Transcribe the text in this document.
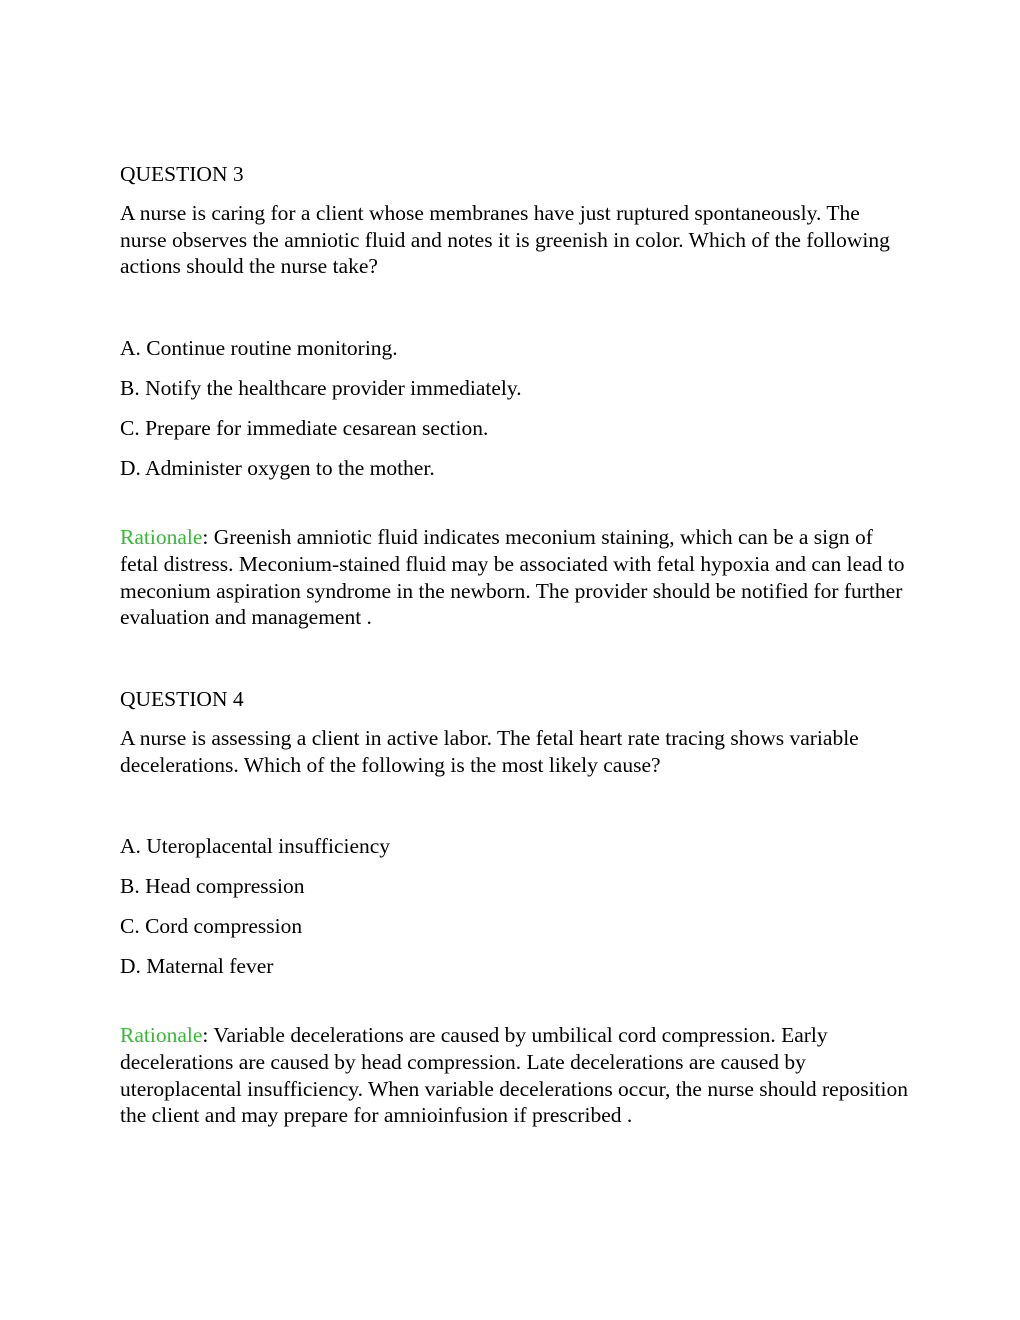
QUESTION 3

A nurse is caring for a client whose membranes have just ruptured spontaneously. The nurse observes the amniotic fluid and notes it is greenish in color. Which of the following actions should the nurse take?

A. Continue routine monitoring.
B. Notify the healthcare provider immediately.
C. Prepare for immediate cesarean section.
D. Administer oxygen to the mother.

Rationale: Greenish amniotic fluid indicates meconium staining, which can be a sign of fetal distress. Meconium-stained fluid may be associated with fetal hypoxia and can lead to meconium aspiration syndrome in the newborn. The provider should be notified for further evaluation and management .

QUESTION 4

A nurse is assessing a client in active labor. The fetal heart rate tracing shows variable decelerations. Which of the following is the most likely cause?

A. Uteroplacental insufficiency
B. Head compression
C. Cord compression
D. Maternal fever

Rationale: Variable decelerations are caused by umbilical cord compression. Early decelerations are caused by head compression. Late decelerations are caused by uteroplacental insufficiency. When variable decelerations occur, the nurse should reposition the client and may prepare for amnioinfusion if prescribed .
